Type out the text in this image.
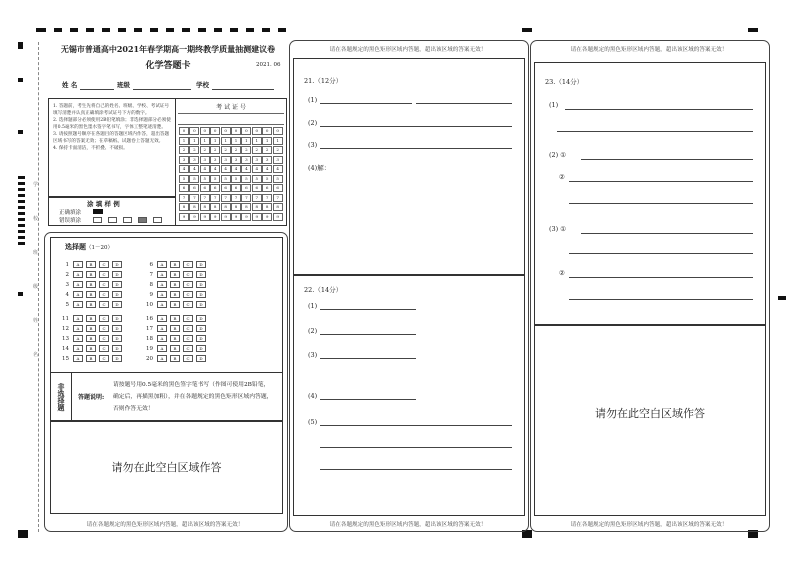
学
校
班
级
姓
名
无锡市普通高中2021年春学期高一期终教学质量抽测建议卷
化学答题卡	2021. 06
姓 名	班级	学校
1. 答题前，考生先将自己的姓名、班级、学校、考试证号填写清楚并认真正确填涂考试证号下方的数字。
2. 选择题部分必须使用2B铅笔填涂；非选择题部分必须使用0.5毫米的黑色墨水签字笔书写，字体工整笔迹清楚。
3. 请按照题号顺序在各题目的答题区域内作答，超出答题区域书写的答案无效；在草稿纸、试题卷上答题无效。
4. 保持卡面清洁，不折叠、不破损。
涂 填 样 例
正确填涂
错误填涂
考 试 证 号
0	0	0	0	0	0	0	0	0	0
1	1	1	1	1	1	1	1	1	1
2	2	2	2	2	2	2	2	2	2
3	3	3	3	3	3	3	3	3	3
4	4	4	4	4	4	4	4	4	4
5	5	5	5	5	5	5	5	5	5
6	6	6	6	6	6	6	6	6	6
7	7	7	7	7	7	7	7	7	7
8	8	8	8	8	8	8	8	8	8
9	9	9	9	9	9	9	9	9	9
选择题（1－20）
1	A	B	C	D
2	A	B	C	D
3	A	B	C	D
4	A	B	C	D
5	A	B	C	D
6	A	B	C	D
7	A	B	C	D
8	A	B	C	D
9	A	B	C	D
10	A	B	C	D
11	A	B	C	D
12	A	B	C	D
13	A	B	C	D
14	A	B	C	D
15	A	B	C	D
16	A	B	C	D
17	A	B	C	D
18	A	B	C	D
19	A	B	C	D
20	A	B	C	D
非选择题	答题说明:
请按题号用0.5毫米的黑色签字笔书写（作图可使用2B铅笔，确定后，再描黑加粗），并在各题规定的黑色矩形区域内答题，否则作答无效！
请勿在此空白区域作答
请在各题规定的黑色矩形区域内答题，超出该区域的答案无效！
请在各题规定的黑色矩形区域内答题，超出该区域的答案无效！
21.（12分）
(1)
(2)
(3)
(4)解：
22.（14分）
(1)
(2)
(3)
(4)
(5)
请在各题规定的黑色矩形区域内答题，超出该区域的答案无效！
请在各题规定的黑色矩形区域内答题，超出该区域的答案无效！
23.（14分）
(1)
(2) ①
②
(3) ①
②
请勿在此空白区域作答
请在各题规定的黑色矩形区域内答题，超出该区域的答案无效！
